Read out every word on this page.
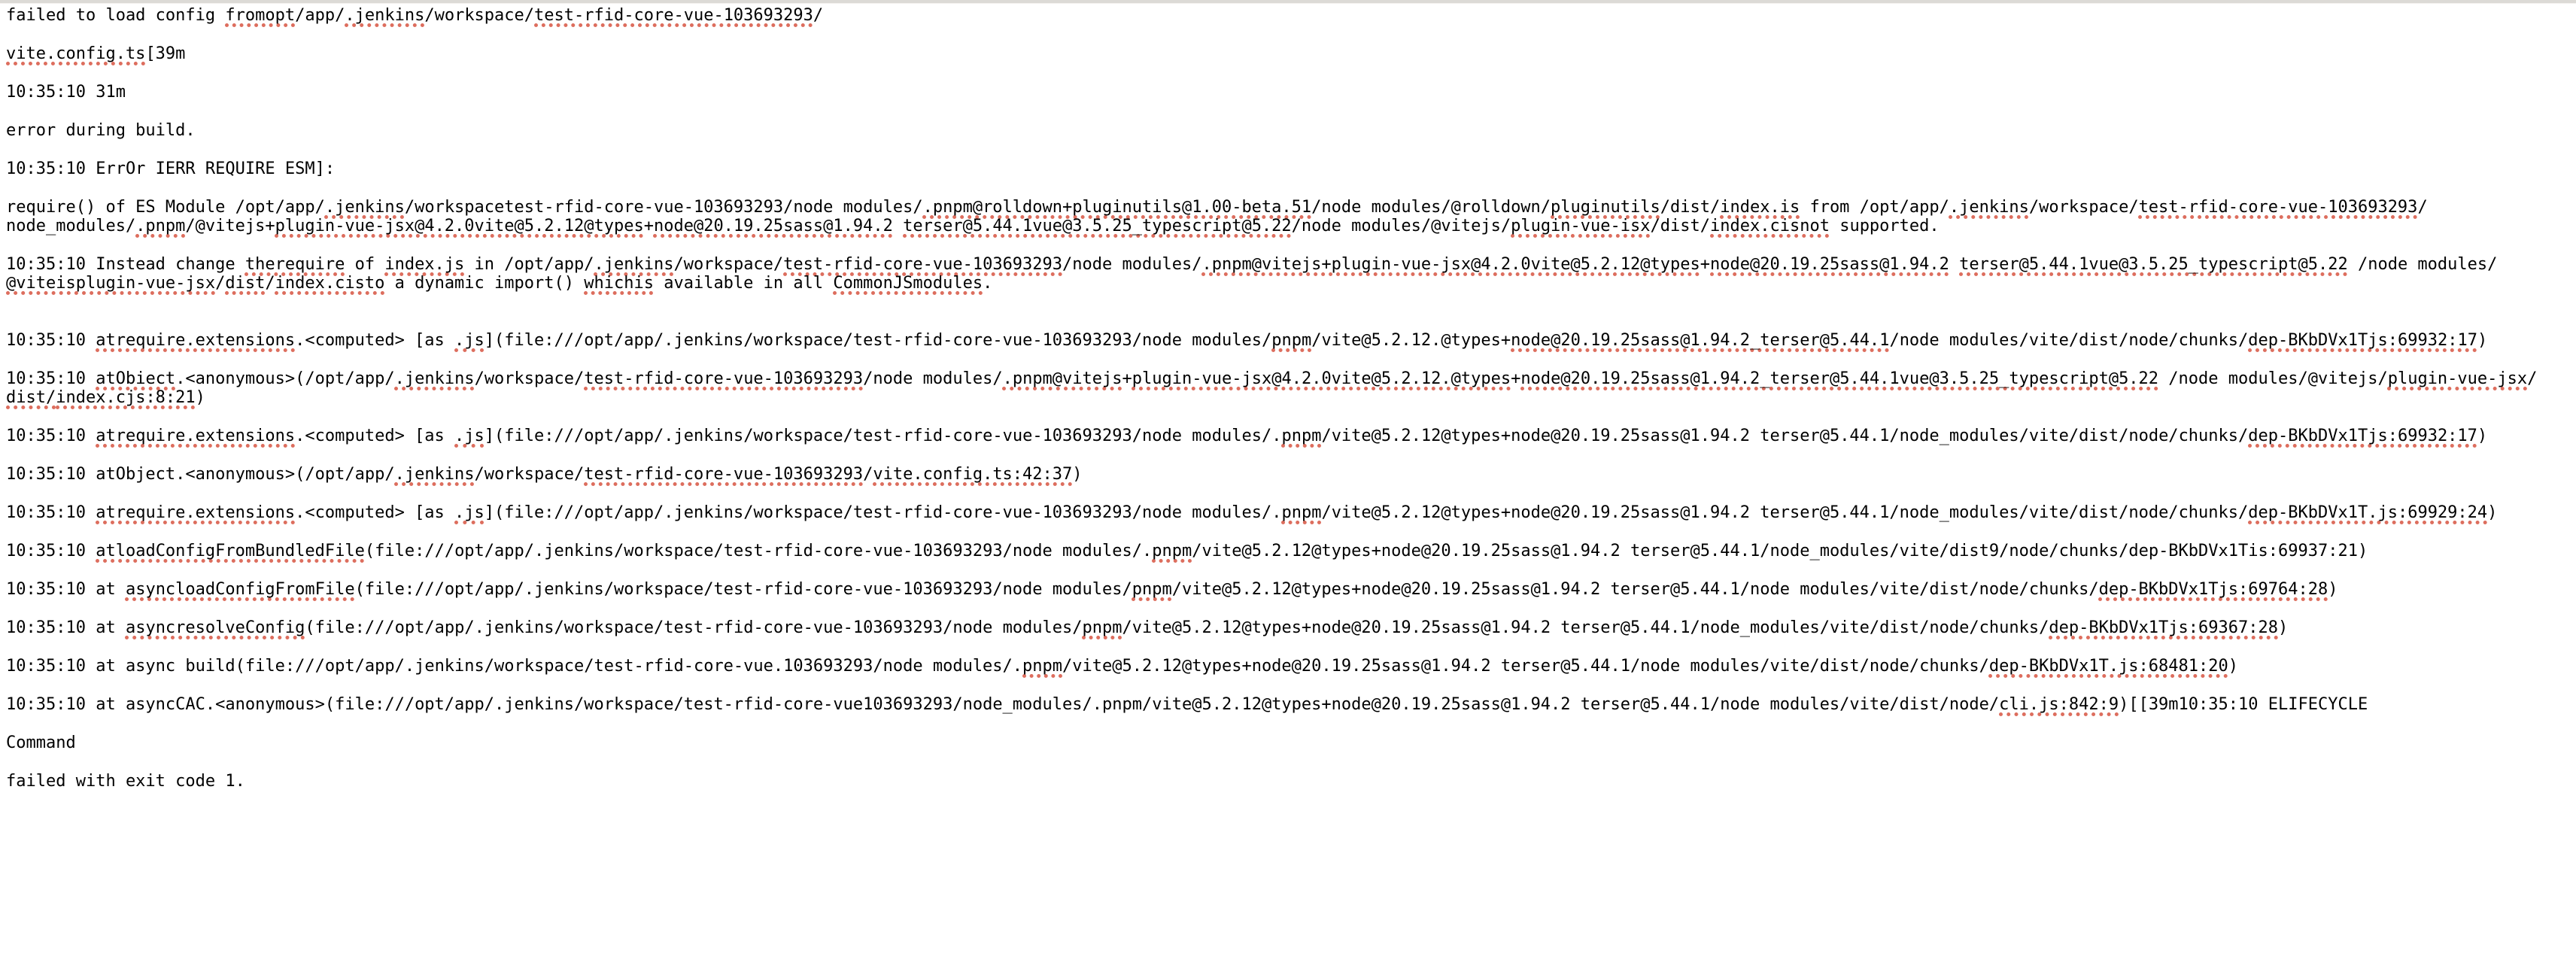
failed to load config fromopt/app/.jenkins/workspace/test-rfid-core-vue-103693293/

vite.config.ts[39m

10:35:10 31m

error during build.

10:35:10 ErrOr IERR REQUIRE ESM]:

require() of ES Module /opt/app/.jenkins/workspacetest-rfid-core-vue-103693293/node modules/.pnpm@rolldown+pluginutils@1.00-beta.51/node modules/@rolldown/pluginutils/dist/index.is from /opt/app/.jenkins/workspace/test-rfid-core-vue-103693293/node_modules/.pnpm/@vitejs+plugin-vue-jsx@4.2.0vite@5.2.12@types+node@20.19.25sass@1.94.2 terser@5.44.1vue@3.5.25_typescript@5.22/node modules/@vitejs/plugin-vue-isx/dist/index.cisnot supported.

10:35:10 Instead change therequire of index.js in /opt/app/.jenkins/workspace/test-rfid-core-vue-103693293/node modules/.pnpm@vitejs+plugin-vue-jsx@4.2.0vite@5.2.12@types+node@20.19.25sass@1.94.2 terser@5.44.1vue@3.5.25_typescript@5.22 /node modules/@viteisplugin-vue-jsx/dist/index.cisto a dynamic import() whichis available in all CommonJSmodules.

10:35:10 atrequire.extensions.<computed> [as .js](file:///opt/app/.jenkins/workspace/test-rfid-core-vue-103693293/node modules/pnpm/vite@5.2.12.@types+node@20.19.25sass@1.94.2_terser@5.44.1/node modules/vite/dist/node/chunks/dep-BKbDVx1Tjs:69932:17)

10:35:10 atObiect.<anonymous>(/opt/app/.jenkins/workspace/test-rfid-core-vue-103693293/node modules/.pnpm@vitejs+plugin-vue-jsx@4.2.0vite@5.2.12.@types+node@20.19.25sass@1.94.2_terser@5.44.1vue@3.5.25_typescript@5.22 /node modules/@vitejs/plugin-vue-jsx/dist/index.cjs:8:21)

10:35:10 atrequire.extensions.<computed> [as .js](file:///opt/app/.jenkins/workspace/test-rfid-core-vue-103693293/node modules/.pnpm/vite@5.2.12@types+node@20.19.25sass@1.94.2 terser@5.44.1/node_modules/vite/dist/node/chunks/dep-BKbDVx1Tjs:69932:17)

10:35:10 atObject.<anonymous>(/opt/app/.jenkins/workspace/test-rfid-core-vue-103693293/vite.config.ts:42:37)

10:35:10 atrequire.extensions.<computed> [as .js](file:///opt/app/.jenkins/workspace/test-rfid-core-vue-103693293/node modules/.pnpm/vite@5.2.12@types+node@20.19.25sass@1.94.2 terser@5.44.1/node_modules/vite/dist/node/chunks/dep-BKbDVx1T.js:69929:24)

10:35:10 atloadConfigFromBundledFile(file:///opt/app/.jenkins/workspace/test-rfid-core-vue-103693293/node modules/.pnpm/vite@5.2.12@types+node@20.19.25sass@1.94.2 terser@5.44.1/node_modules/vite/dist9/node/chunks/dep-BKbDVx1Tis:69937:21)

10:35:10 at asyncloadConfigFromFile(file:///opt/app/.jenkins/workspace/test-rfid-core-vue-103693293/node modules/pnpm/vite@5.2.12@types+node@20.19.25sass@1.94.2 terser@5.44.1/node modules/vite/dist/node/chunks/dep-BKbDVx1Tjs:69764:28)

10:35:10 at asyncresolveConfig(file:///opt/app/.jenkins/workspace/test-rfid-core-vue-103693293/node modules/pnpm/vite@5.2.12@types+node@20.19.25sass@1.94.2 terser@5.44.1/node_modules/vite/dist/node/chunks/dep-BKbDVx1Tjs:69367:28)

10:35:10 at async build(file:///opt/app/.jenkins/workspace/test-rfid-core-vue.103693293/node modules/.pnpm/vite@5.2.12@types+node@20.19.25sass@1.94.2 terser@5.44.1/node modules/vite/dist/node/chunks/dep-BKbDVx1T.js:68481:20)

10:35:10 at asyncCAC.<anonymous>(file:///opt/app/.jenkins/workspace/test-rfid-core-vue103693293/node_modules/.pnpm/vite@5.2.12@types+node@20.19.25sass@1.94.2 terser@5.44.1/node modules/vite/dist/node/cli.js:842:9)[[39m10:35:10 ELIFECYCLE

Command

failed with exit code 1.
